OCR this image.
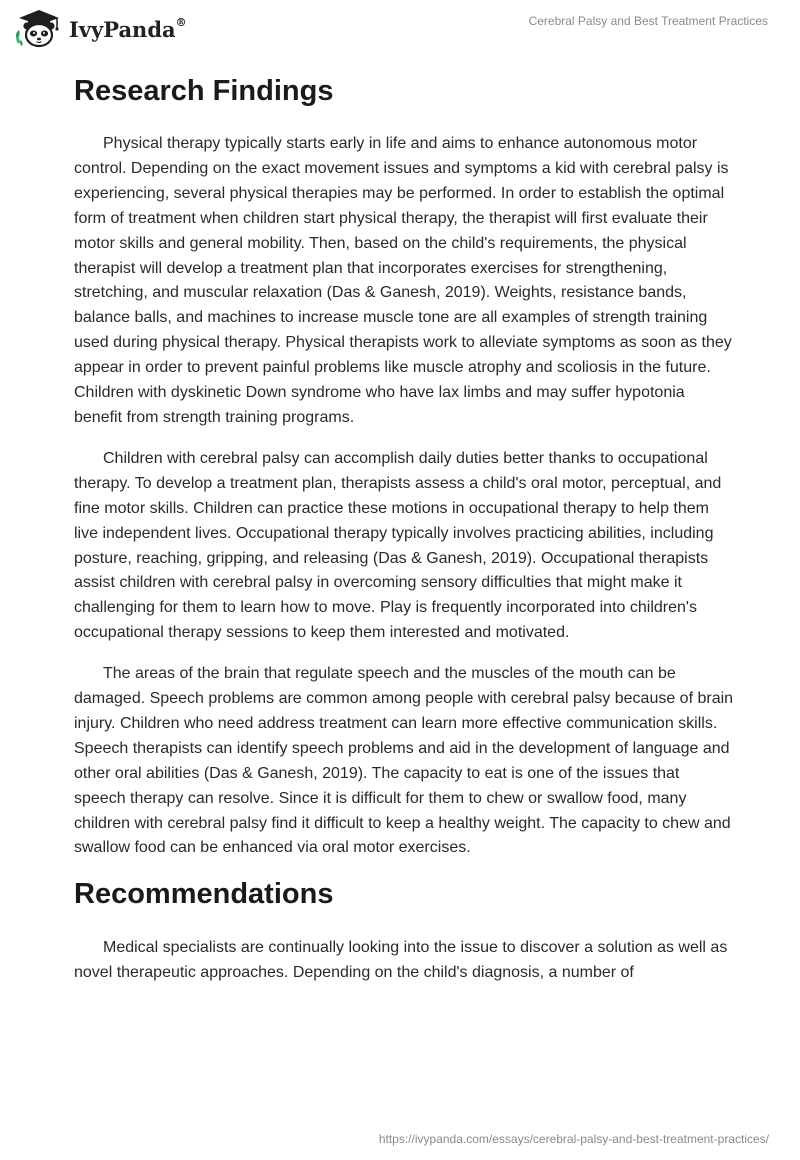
IvyPanda®	Cerebral Palsy and Best Treatment Practices
Research Findings

Physical therapy typically starts early in life and aims to enhance autonomous motor control. Depending on the exact movement issues and symptoms a kid with cerebral palsy is experiencing, several physical therapies may be performed. In order to establish the optimal form of treatment when children start physical therapy, the therapist will first evaluate their motor skills and general mobility. Then, based on the child's requirements, the physical therapist will develop a treatment plan that incorporates exercises for strengthening, stretching, and muscular relaxation (Das & Ganesh, 2019). Weights, resistance bands, balance balls, and machines to increase muscle tone are all examples of strength training used during physical therapy. Physical therapists work to alleviate symptoms as soon as they appear in order to prevent painful problems like muscle atrophy and scoliosis in the future. Children with dyskinetic Down syndrome who have lax limbs and may suffer hypotonia benefit from strength training programs.

Children with cerebral palsy can accomplish daily duties better thanks to occupational therapy. To develop a treatment plan, therapists assess a child's oral motor, perceptual, and fine motor skills. Children can practice these motions in occupational therapy to help them live independent lives. Occupational therapy typically involves practicing abilities, including posture, reaching, gripping, and releasing (Das & Ganesh, 2019). Occupational therapists assist children with cerebral palsy in overcoming sensory difficulties that might make it challenging for them to learn how to move. Play is frequently incorporated into children's occupational therapy sessions to keep them interested and motivated.

The areas of the brain that regulate speech and the muscles of the mouth can be damaged. Speech problems are common among people with cerebral palsy because of brain injury. Children who need address treatment can learn more effective communication skills. Speech therapists can identify speech problems and aid in the development of language and other oral abilities (Das & Ganesh, 2019). The capacity to eat is one of the issues that speech therapy can resolve. Since it is difficult for them to chew or swallow food, many children with cerebral palsy find it difficult to keep a healthy weight. The capacity to chew and swallow food can be enhanced via oral motor exercises.

Recommendations

Medical specialists are continually looking into the issue to discover a solution as well as novel therapeutic approaches. Depending on the child's diagnosis, a number of

https://ivypanda.com/essays/cerebral-palsy-and-best-treatment-practices/
